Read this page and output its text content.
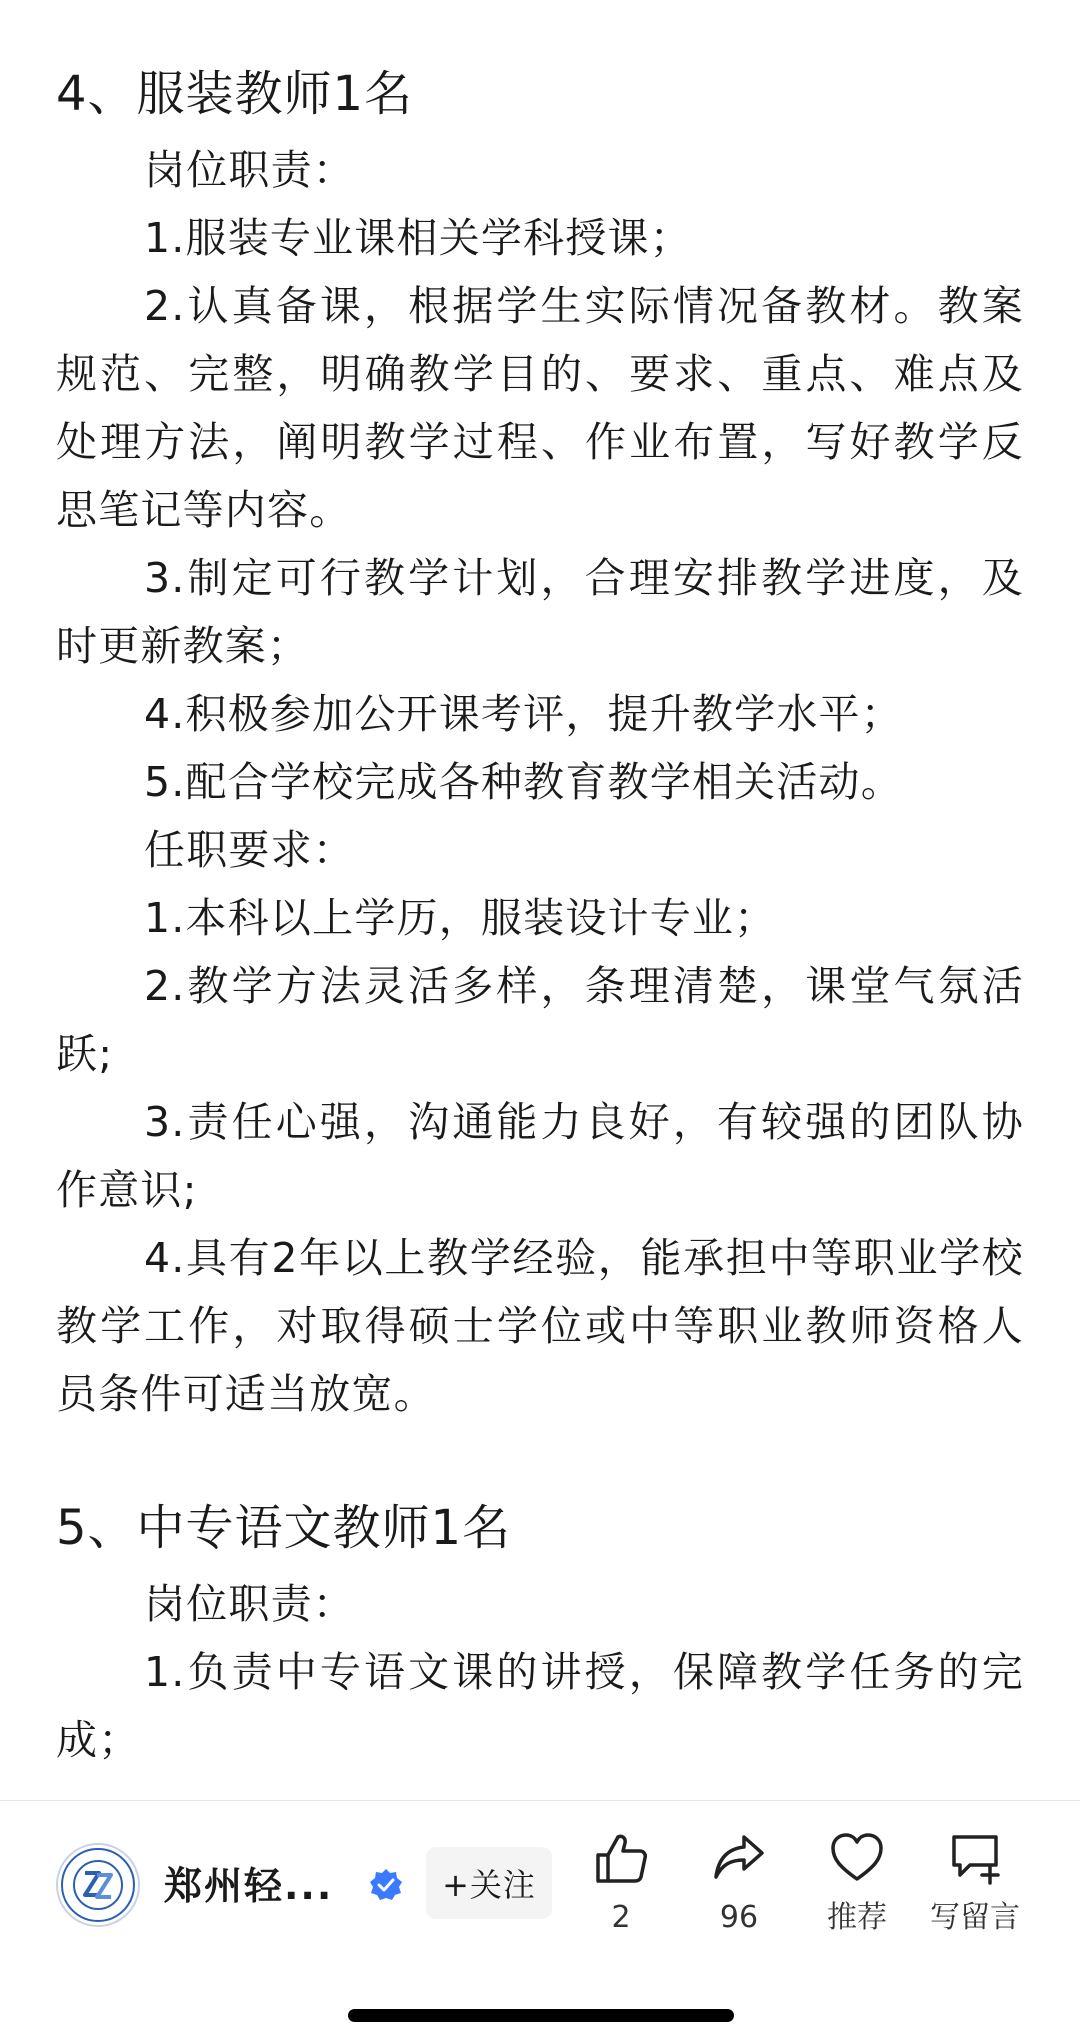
4、服装教师1名

岗位职责：

1.服装专业课相关学科授课；

2.认真备课，根据学生实际情况备教材。教案规范、完整，明确教学目的、要求、重点、难点及处理方法，阐明教学过程、作业布置，写好教学反思笔记等内容。

3.制定可行教学计划，合理安排教学进度，及时更新教案；

4.积极参加公开课考评，提升教学水平；

5.配合学校完成各种教育教学相关活动。

任职要求：

1.本科以上学历，服装设计专业；

2.教学方法灵活多样，条理清楚，课堂气氛活跃;

3.责任心强，沟通能力良好，有较强的团队协作意识;

4.具有2年以上教学经验，能承担中等职业学校教学工作，对取得硕士学位或中等职业教师资格人员条件可适当放宽。

5、中专语文教师1名

岗位职责：

1.负责中专语文课的讲授，保障教学任务的完成；

郑州轻...	+关注
2	96	推荐	写留言
